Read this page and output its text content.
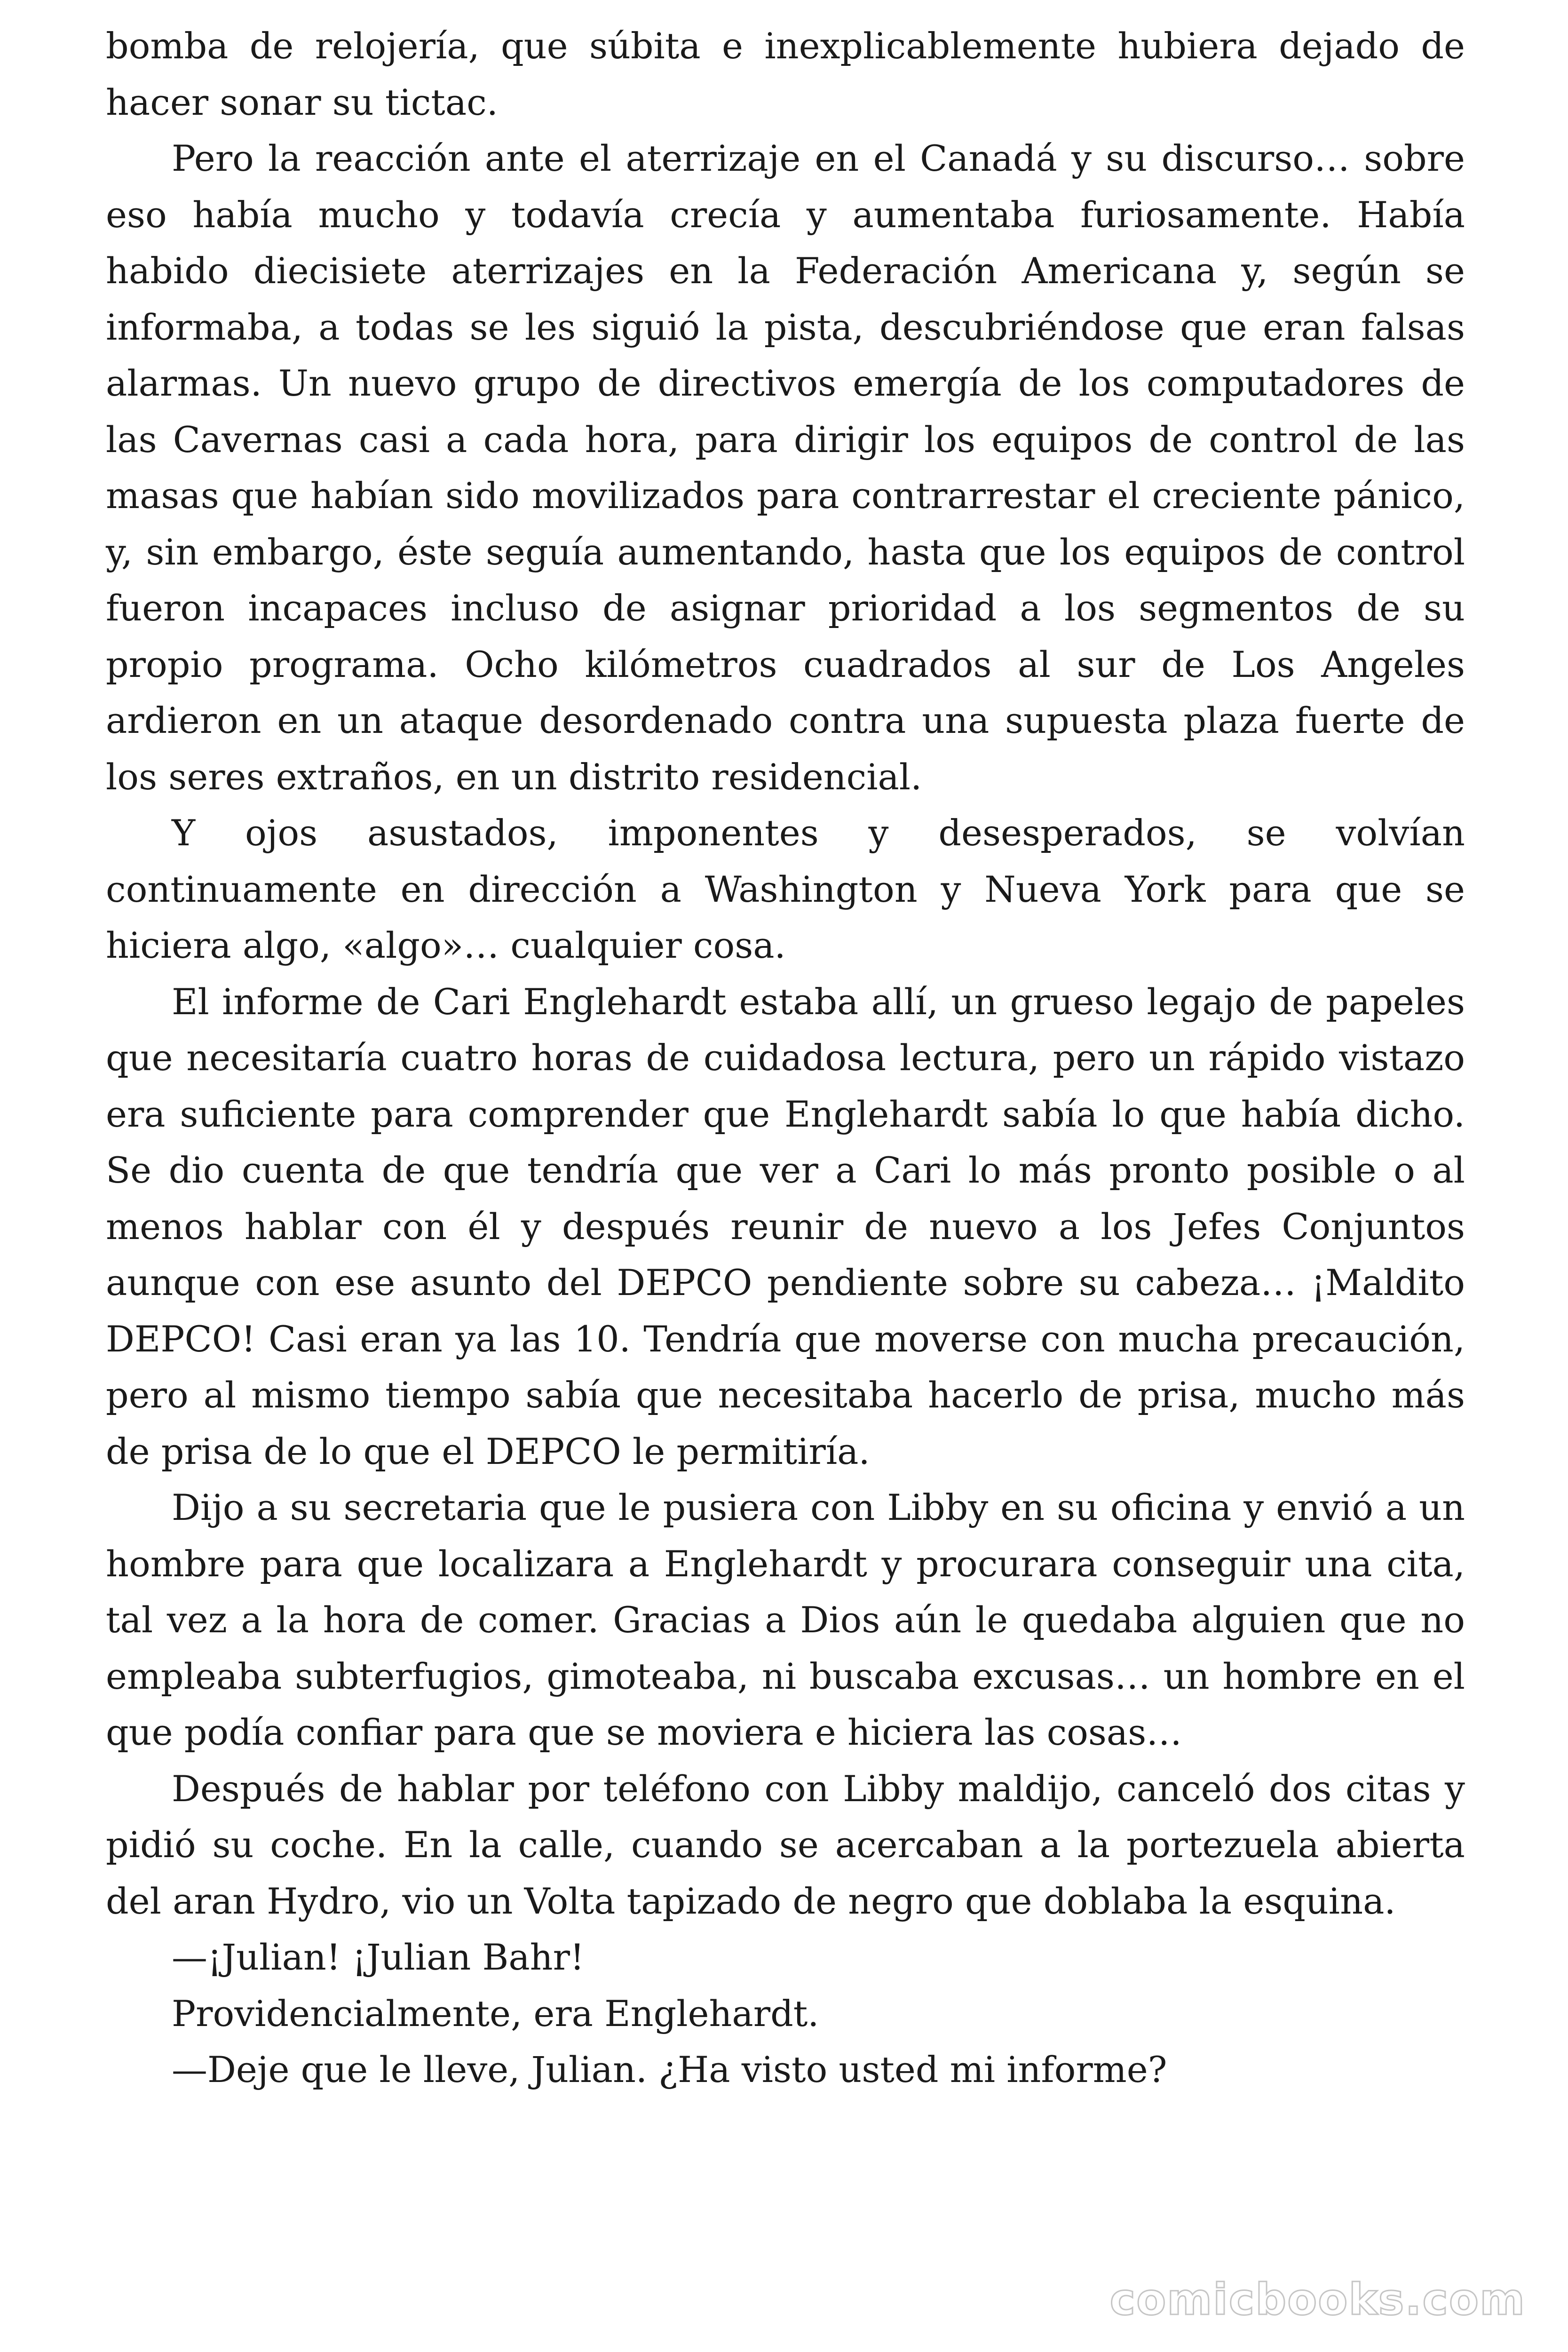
bomba de relojería, que súbita e inexplicablemente hubiera dejado de hacer sonar su tictac.

Pero la reacción ante el aterrizaje en el Canadá y su discurso… sobre eso había mucho y todavía crecía y aumentaba furiosamente. Había habido diecisiete aterrizajes en la Federación Americana y, según se informaba, a todas se les siguió la pista, descubriéndose que eran falsas alarmas. Un nuevo grupo de directivos emergía de los computadores de las Cavernas casi a cada hora, para dirigir los equipos de control de las masas que habían sido movilizados para contrarrestar el creciente pánico, y, sin embargo, éste seguía aumentando, hasta que los equipos de control fueron incapaces incluso de asignar prioridad a los segmentos de su propio programa. Ocho kilómetros cuadrados al sur de Los Angeles ardieron en un ataque desordenado contra una supuesta plaza fuerte de los seres extraños, en un distrito residencial.

Y ojos asustados, imponentes y desesperados, se volvían continuamente en dirección a Washington y Nueva York para que se hiciera algo, «algo»… cualquier cosa.

El informe de Cari Englehardt estaba allí, un grueso legajo de papeles que necesitaría cuatro horas de cuidadosa lectura, pero un rápido vistazo era suficiente para comprender que Englehardt sabía lo que había dicho. Se dio cuenta de que tendría que ver a Cari lo más pronto posible o al menos hablar con él y después reunir de nuevo a los Jefes Conjuntos aunque con ese asunto del DEPCO pendiente sobre su cabeza… ¡Maldito DEPCO! Casi eran ya las 10. Tendría que moverse con mucha precaución, pero al mismo tiempo sabía que necesitaba hacerlo de prisa, mucho más de prisa de lo que el DEPCO le permitiría.

Dijo a su secretaria que le pusiera con Libby en su oficina y envió a un hombre para que localizara a Englehardt y procurara conseguir una cita, tal vez a la hora de comer. Gracias a Dios aún le quedaba alguien que no empleaba subterfugios, gimoteaba, ni buscaba excusas… un hombre en el que podía confiar para que se moviera e hiciera las cosas…

Después de hablar por teléfono con Libby maldijo, canceló dos citas y pidió su coche. En la calle, cuando se acercaban a la portezuela abierta del aran Hydro, vio un Volta tapizado de negro que doblaba la esquina.

—¡Julian! ¡Julian Bahr!

Providencialmente, era Englehardt.

—Deje que le lleve, Julian. ¿Ha visto usted mi informe?

comicbooks.com
